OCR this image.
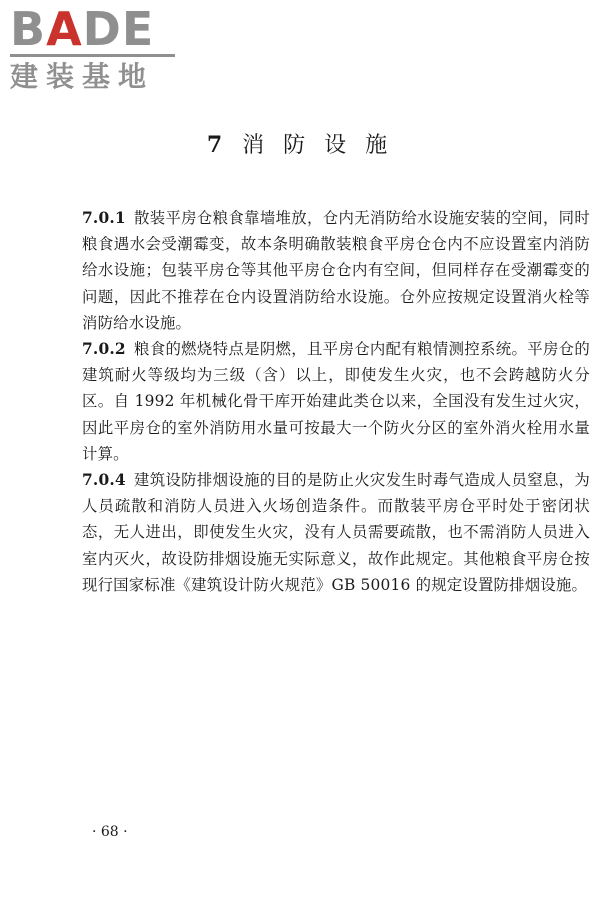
BADE
建装基地
7 消 防 设 施

7.0.1 散装平房仓粮食靠墙堆放，仓内无消防给水设施安装的空间，同时粮食遇水会受潮霉变，故本条明确散装粮食平房仓仓内不应设置室内消防给水设施；包装平房仓等其他平房仓仓内有空间，但同样存在受潮霉变的问题，因此不推荐在仓内设置消防给水设施。仓外应按规定设置消火栓等消防给水设施。

7.0.2 粮食的燃烧特点是阴燃，且平房仓内配有粮情测控系统。平房仓的建筑耐火等级均为三级（含）以上，即使发生火灾，也不会跨越防火分区。自 1992 年机械化骨干库开始建此类仓以来，全国没有发生过火灾，因此平房仓的室外消防用水量可按最大一个防火分区的室外消火栓用水量计算。

7.0.4 建筑设防排烟设施的目的是防止火灾发生时毒气造成人员窒息，为人员疏散和消防人员进入火场创造条件。而散装平房仓平时处于密闭状态，无人进出，即使发生火灾，没有人员需要疏散，也不需消防人员进入室内灭火，故设防排烟设施无实际意义，故作此规定。其他粮食平房仓按现行国家标准《建筑设计防火规范》GB 50016 的规定设置防排烟设施。

· 68 ·
